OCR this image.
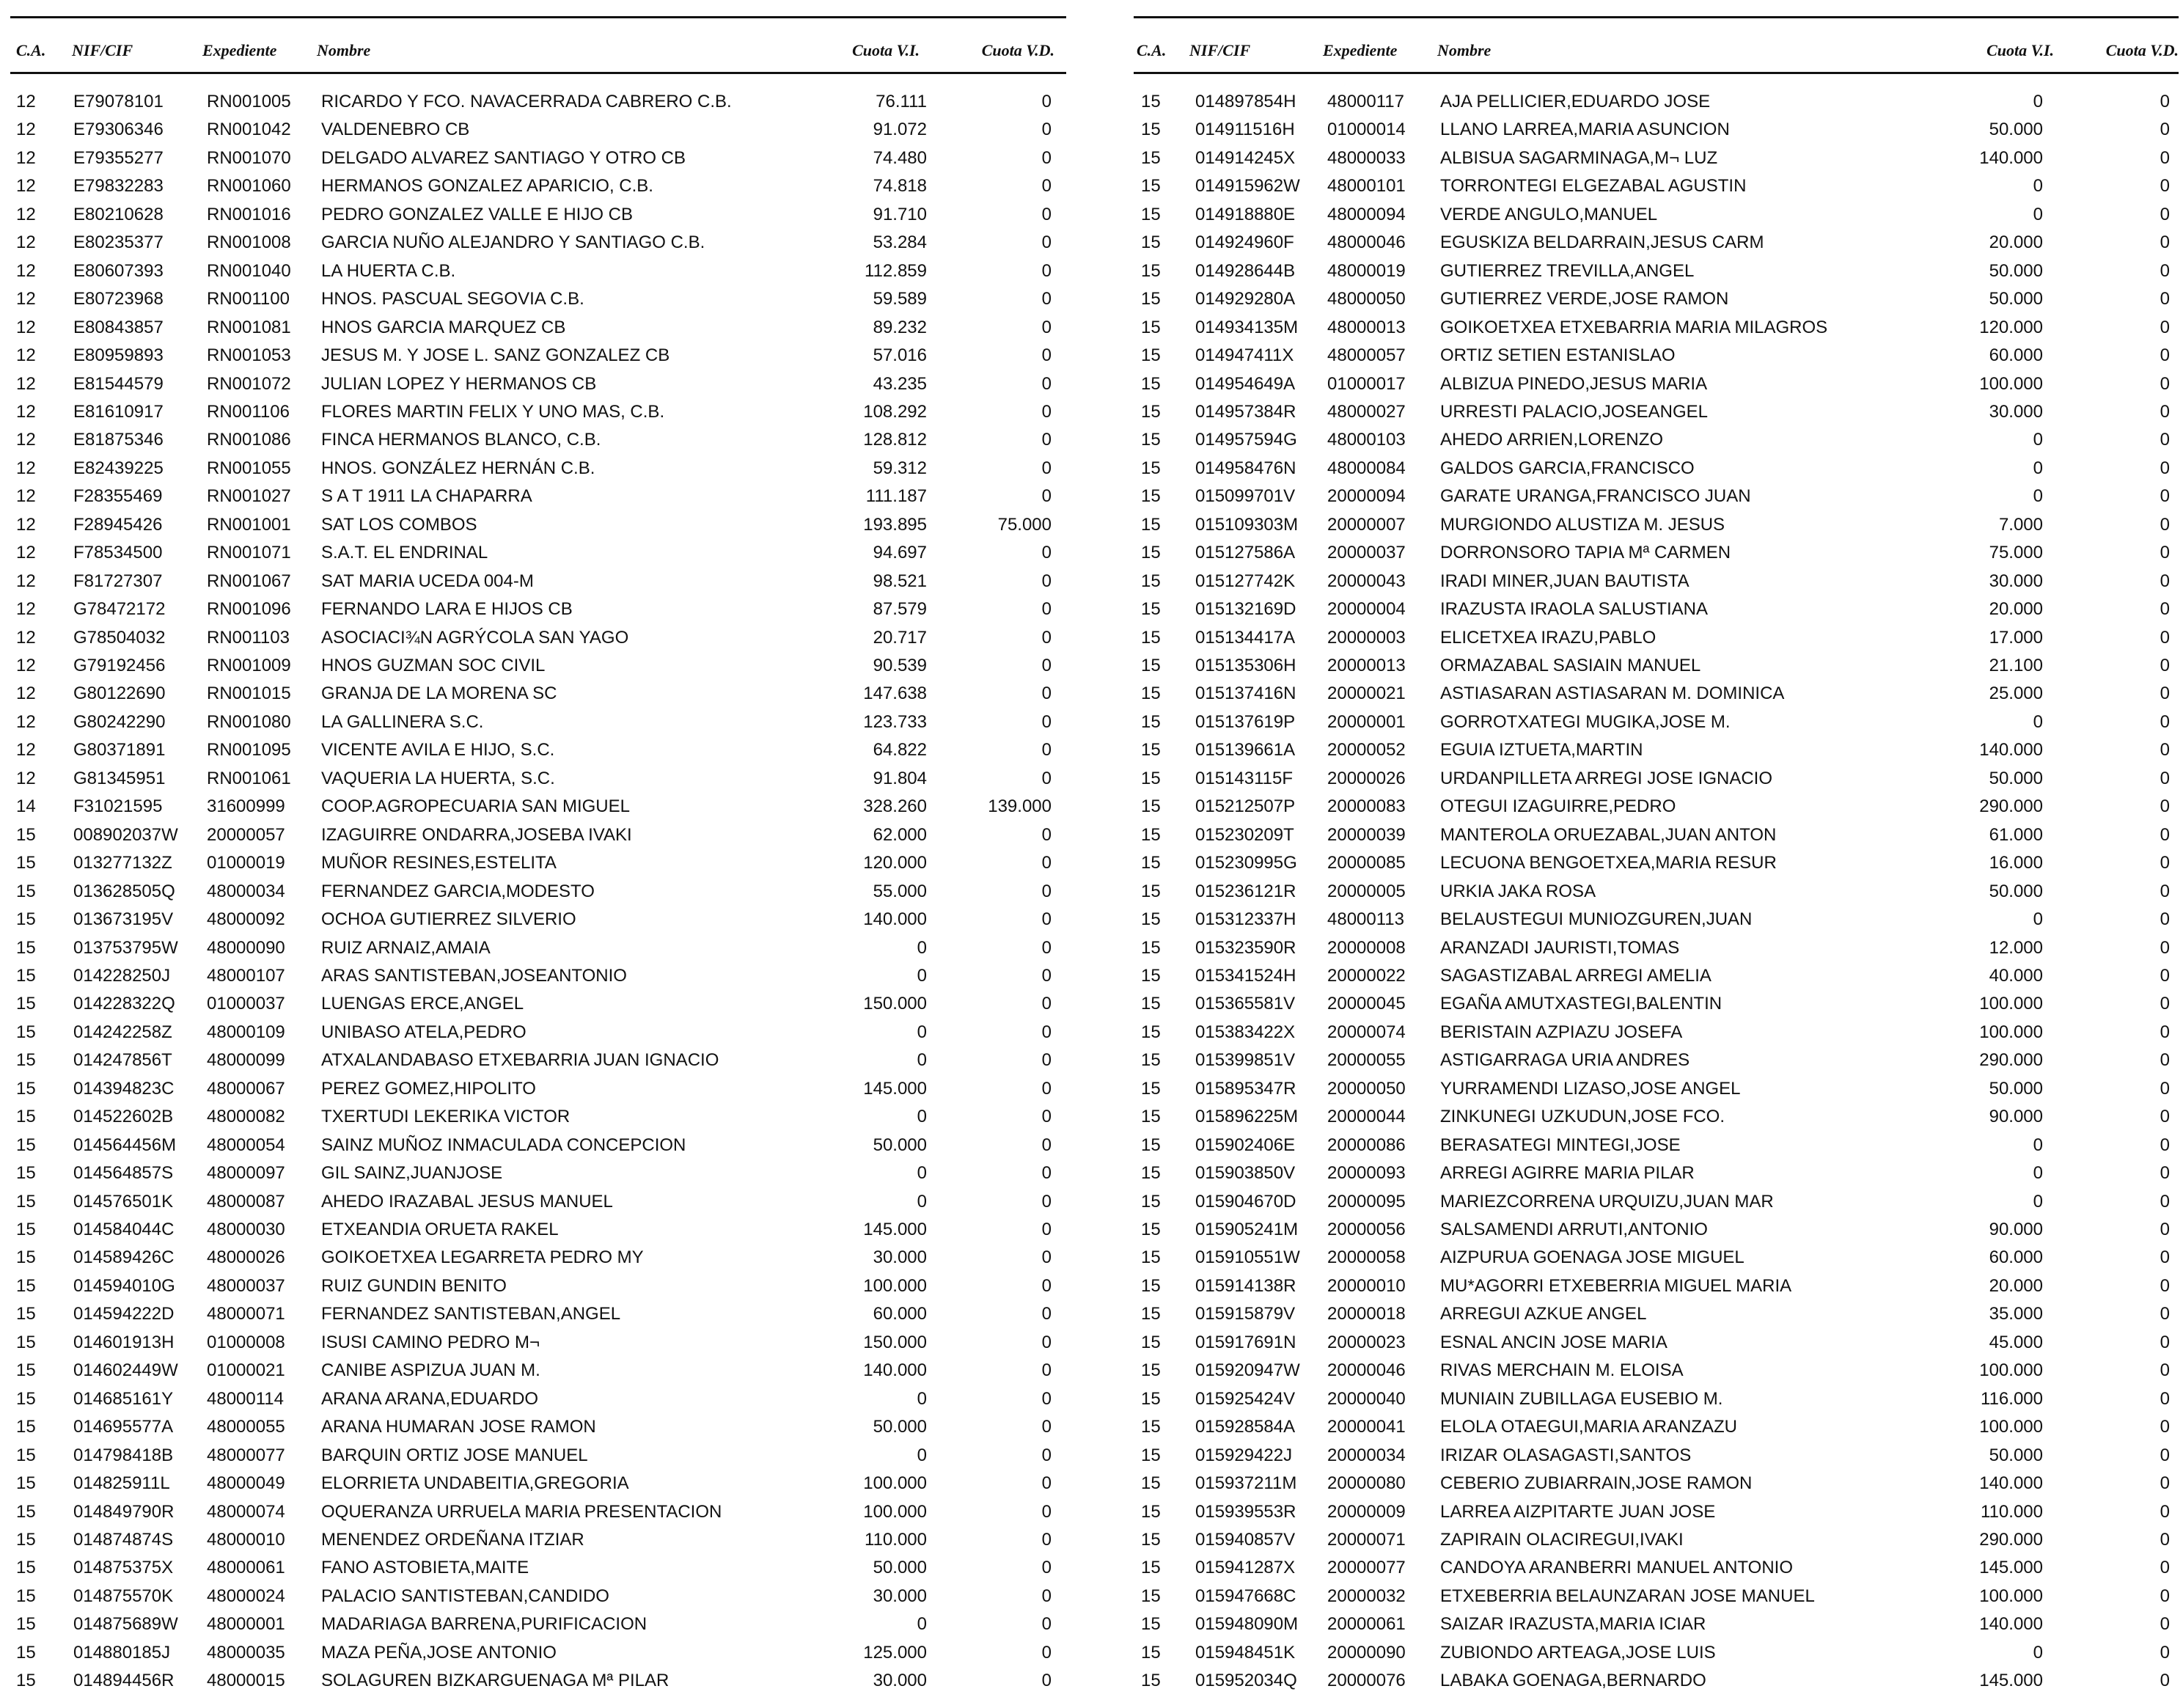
C.A. NIF/CIF	Expediente Nombre	Cuota V.I.	Cuota V.D.
12 E79078101 RN001005 RICARDO Y FCO. NAVACERRADA CABRERO C.B.	76.111	0
12 E79306346 RN001042 VALDENEBRO CB	91.072	0
12 E79355277 RN001070 DELGADO ALVAREZ SANTIAGO Y OTRO CB	74.480	0
12 E79832283 RN001060 HERMANOS GONZALEZ APARICIO, C.B.	74.818	0
12 E80210628 RN001016 PEDRO GONZALEZ VALLE E HIJO CB	91.710	0
12 E80235377 RN001008 GARCIA NUÑO ALEJANDRO Y SANTIAGO C.B.	53.284	0
12 E80607393 RN001040 LA HUERTA C.B.	112.859	0
12 E80723968 RN001100 HNOS. PASCUAL SEGOVIA C.B.	59.589	0
12 E80843857 RN001081 HNOS GARCIA MARQUEZ CB	89.232	0
12 E80959893 RN001053 JESUS M. Y JOSE L. SANZ GONZALEZ CB	57.016	0
12 E81544579 RN001072 JULIAN LOPEZ Y HERMANOS CB	43.235	0
12 E81610917 RN001106 FLORES MARTIN FELIX Y UNO MAS, C.B.	108.292	0
12 E81875346 RN001086 FINCA HERMANOS BLANCO, C.B.	128.812	0
12 E82439225 RN001055 HNOS. GONZÁLEZ HERNÁN C.B.	59.312	0
12 F28355469	RN001027 S A T 1911 LA CHAPARRA	111.187	0
12 F28945426	RN001001 SAT LOS COMBOS	193.895	75.000
12 F78534500	RN001071 S.A.T. EL ENDRINAL	94.697	0
12 F81727307	RN001067 SAT MARIA UCEDA 004-M	98.521	0
12 G78472172 RN001096 FERNANDO LARA E HIJOS CB	87.579	0
12 G78504032 RN001103 ASOCIACI¾N AGRÝCOLA SAN YAGO	20.717	0
12 G79192456 RN001009 HNOS GUZMAN SOC CIVIL	90.539	0
12 G80122690 RN001015 GRANJA DE LA MORENA SC	147.638	0
12 G80242290 RN001080 LA GALLINERA S.C.	123.733	0
12 G80371891 RN001095 VICENTE AVILA E HIJO, S.C.	64.822	0
12 G81345951 RN001061 VAQUERIA LA HUERTA, S.C.	91.804	0
14 F31021595	31600999 COOP.AGROPECUARIA SAN MIGUEL	328.260	139.000
15 008902037W 20000057 IZAGUIRRE ONDARRA,JOSEBA IVAKI	62.000	0
15 013277132Z 01000019 MUÑOR RESINES,ESTELITA	120.000	0
15 013628505Q 48000034 FERNANDEZ GARCIA,MODESTO	55.000	0
15 013673195V 48000092 OCHOA GUTIERREZ SILVERIO	140.000	0
15 013753795W 48000090 RUIZ ARNAIZ,AMAIA	0	0
15 014228250J 48000107 ARAS SANTISTEBAN,JOSEANTONIO	0	0
15 014228322Q 01000037 LUENGAS ERCE,ANGEL	150.000	0
15 014242258Z 48000109 UNIBASO ATELA,PEDRO	0	0
15 014247856T 48000099 ATXALANDABASO ETXEBARRIA JUAN IGNACIO	0	0
15 014394823C 48000067 PEREZ GOMEZ,HIPOLITO	145.000	0
15 014522602B 48000082 TXERTUDI LEKERIKA VICTOR	0	0
15 014564456M 48000054 SAINZ MUÑOZ INMACULADA CONCEPCION	50.000	0
15 014564857S 48000097 GIL SAINZ,JUANJOSE	0	0
15 014576501K 48000087 AHEDO IRAZABAL JESUS MANUEL	0	0
15 014584044C 48000030 ETXEANDIA ORUETA RAKEL	145.000	0
15 014589426C 48000026 GOIKOETXEA LEGARRETA PEDRO MY	30.000	0
15 014594010G 48000037 RUIZ GUNDIN BENITO	100.000	0
15 014594222D 48000071 FERNANDEZ SANTISTEBAN,ANGEL	60.000	0
15 014601913H 01000008 ISUSI CAMINO PEDRO M¬	150.000	0
15 014602449W 01000021 CANIBE ASPIZUA JUAN M.	140.000	0
15 014685161Y 48000114 ARANA ARANA,EDUARDO	0	0
15 014695577A 48000055 ARANA HUMARAN JOSE RAMON	50.000	0
15 014798418B 48000077 BARQUIN ORTIZ JOSE MANUEL	0	0
15 014825911L 48000049 ELORRIETA UNDABEITIA,GREGORIA	100.000	0
15 014849790R 48000074 OQUERANZA URRUELA MARIA PRESENTACION	100.000	0
15 014874874S 48000010 MENENDEZ ORDEÑANA ITZIAR	110.000	0
15 014875375X 48000061 FANO ASTOBIETA,MAITE	50.000	0
15 014875570K 48000024 PALACIO SANTISTEBAN,CANDIDO	30.000	0
15 014875689W 48000001 MADARIAGA BARRENA,PURIFICACION	0	0
15 014880185J 48000035 MAZA PEÑA,JOSE ANTONIO	125.000	0
15 014894456R 48000015 SOLAGUREN BIZKARGUENAGA Mª PILAR	30.000	0
C.A. NIF/CIF	Expediente Nombre	Cuota V.I.	Cuota V.D.
15 014897854H 48000117 AJA PELLICIER,EDUARDO JOSE	0	0
15 014911516H 01000014 LLANO LARREA,MARIA ASUNCION	50.000	0
15 014914245X 48000033 ALBISUA SAGARMINAGA,M¬ LUZ	140.000	0
15 014915962W 48000101 TORRONTEGI ELGEZABAL AGUSTIN	0	0
15 014918880E 48000094 VERDE ANGULO,MANUEL	0	0
15 014924960F 48000046 EGUSKIZA BELDARRAIN,JESUS CARM	20.000	0
15 014928644B 48000019 GUTIERREZ TREVILLA,ANGEL	50.000	0
15 014929280A 48000050 GUTIERREZ VERDE,JOSE RAMON	50.000	0
15 014934135M 48000013 GOIKOETXEA ETXEBARRIA MARIA MILAGROS	120.000	0
15 014947411X 48000057 ORTIZ SETIEN ESTANISLAO	60.000	0
15 014954649A 01000017 ALBIZUA PINEDO,JESUS MARIA	100.000	0
15 014957384R 48000027 URRESTI PALACIO,JOSEANGEL	30.000	0
15 014957594G 48000103 AHEDO ARRIEN,LORENZO	0	0
15 014958476N 48000084 GALDOS GARCIA,FRANCISCO	0	0
15 015099701V 20000094 GARATE URANGA,FRANCISCO JUAN	0	0
15 015109303M 20000007 MURGIONDO ALUSTIZA M. JESUS	7.000	0
15 015127586A 20000037 DORRONSORO TAPIA Mª CARMEN	75.000	0
15 015127742K 20000043 IRADI MINER,JUAN BAUTISTA	30.000	0
15 015132169D 20000004 IRAZUSTA IRAOLA SALUSTIANA	20.000	0
15 015134417A 20000003 ELICETXEA IRAZU,PABLO	17.000	0
15 015135306H 20000013 ORMAZABAL SASIAIN MANUEL	21.100	0
15 015137416N 20000021 ASTIASARAN ASTIASARAN M. DOMINICA	25.000	0
15 015137619P 20000001 GORROTXATEGI MUGIKA,JOSE M.	0	0
15 015139661A 20000052 EGUIA IZTUETA,MARTIN	140.000	0
15 015143115F 20000026 URDANPILLETA ARREGI JOSE IGNACIO	50.000	0
15 015212507P 20000083 OTEGUI IZAGUIRRE,PEDRO	290.000	0
15 015230209T 20000039 MANTEROLA ORUEZABAL,JUAN ANTON	61.000	0
15 015230995G 20000085 LECUONA BENGOETXEA,MARIA RESUR	16.000	0
15 015236121R 20000005 URKIA JAKA ROSA	50.000	0
15 015312337H 48000113 BELAUSTEGUI MUNIOZGUREN,JUAN	0	0
15 015323590R 20000008 ARANZADI JAURISTI,TOMAS	12.000	0
15 015341524H 20000022 SAGASTIZABAL ARREGI AMELIA	40.000	0
15 015365581V 20000045 EGAÑA AMUTXASTEGI,BALENTIN	100.000	0
15 015383422X 20000074 BERISTAIN AZPIAZU JOSEFA	100.000	0
15 015399851V 20000055 ASTIGARRAGA URIA ANDRES	290.000	0
15 015895347R 20000050 YURRAMENDI LIZASO,JOSE ANGEL	50.000	0
15 015896225M 20000044 ZINKUNEGI UZKUDUN,JOSE FCO.	90.000	0
15 015902406E 20000086 BERASATEGI MINTEGI,JOSE	0	0
15 015903850V 20000093 ARREGI AGIRRE MARIA PILAR	0	0
15 015904670D 20000095 MARIEZCORRENA URQUIZU,JUAN MAR	0	0
15 015905241M 20000056 SALSAMENDI ARRUTI,ANTONIO	90.000	0
15 015910551W 20000058 AIZPURUA GOENAGA JOSE MIGUEL	60.000	0
15 015914138R 20000010 MU*AGORRI ETXEBERRIA MIGUEL MARIA	20.000	0
15 015915879V 20000018 ARREGUI AZKUE ANGEL	35.000	0
15 015917691N 20000023 ESNAL ANCIN JOSE MARIA	45.000	0
15 015920947W 20000046 RIVAS MERCHAIN M. ELOISA	100.000	0
15 015925424V 20000040 MUNIAIN ZUBILLAGA EUSEBIO M.	116.000	0
15 015928584A 20000041 ELOLA OTAEGUI,MARIA ARANZAZU	100.000	0
15 015929422J 20000034 IRIZAR OLASAGASTI,SANTOS	50.000	0
15 015937211M 20000080 CEBERIO ZUBIARRAIN,JOSE RAMON	140.000	0
15 015939553R 20000009 LARREA AIZPITARTE JUAN JOSE	110.000	0
15 015940857V 20000071 ZAPIRAIN OLACIREGUI,IVAKI	290.000	0
15 015941287X 20000077 CANDOYA ARANBERRI MANUEL ANTONIO	145.000	0
15 015947668C 20000032 ETXEBERRIA BELAUNZARAN JOSE MANUEL	100.000	0
15 015948090M 20000061 SAIZAR IRAZUSTA,MARIA ICIAR	140.000	0
15 015948451K 20000090 ZUBIONDO ARTEAGA,JOSE LUIS	0	0
15 015952034Q 20000076 LABAKA GOENAGA,BERNARDO	145.000	0
